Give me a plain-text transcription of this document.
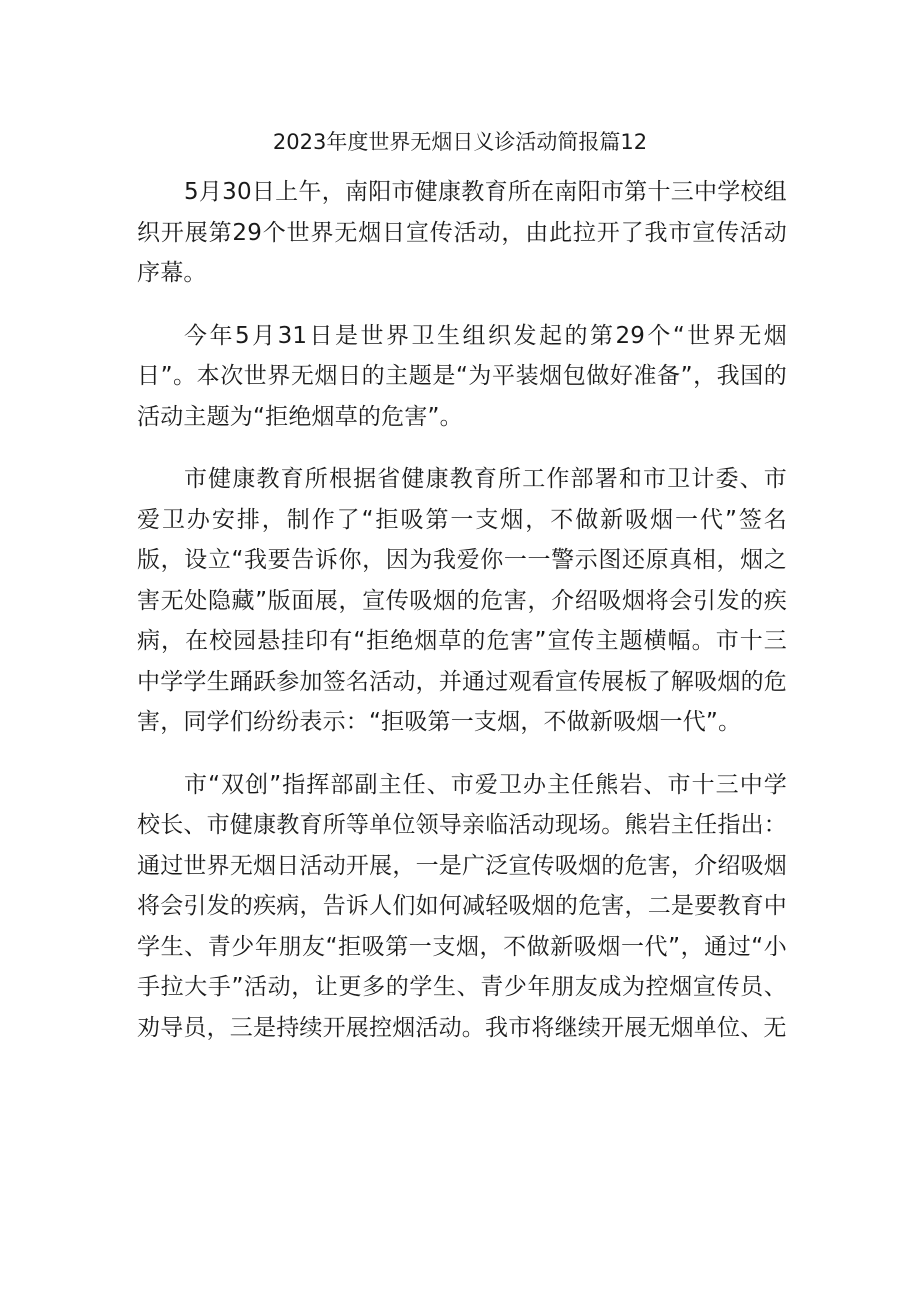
2023年度世界无烟日义诊活动简报篇12

5月30日上午，南阳市健康教育所在南阳市第十三中学校组织开展第29个世界无烟日宣传活动，由此拉开了我市宣传活动序幕。

今年5月31日是世界卫生组织发起的第29个“世界无烟日”。本次世界无烟日的主题是“为平装烟包做好准备”，我国的活动主题为“拒绝烟草的危害”。

市健康教育所根据省健康教育所工作部署和市卫计委、市爱卫办安排，制作了“拒吸第一支烟，不做新吸烟一代”签名版，设立“我要告诉你，因为我爱你一一警示图还原真相，烟之害无处隐藏”版面展，宣传吸烟的危害，介绍吸烟将会引发的疾病，在校园悬挂印有“拒绝烟草的危害”宣传主题横幅。市十三中学学生踊跃参加签名活动，并通过观看宣传展板了解吸烟的危害，同学们纷纷表示：“拒吸第一支烟，不做新吸烟一代”。

市“双创”指挥部副主任、市爱卫办主任熊岩、市十三中学校长、市健康教育所等单位领导亲临活动现场。熊岩主任指出：通过世界无烟日活动开展，一是广泛宣传吸烟的危害，介绍吸烟将会引发的疾病，告诉人们如何减轻吸烟的危害，二是要教育中学生、青少年朋友“拒吸第一支烟，不做新吸烟一代”，通过“小手拉大手”活动，让更多的学生、青少年朋友成为控烟宣传员、劝导员，三是持续开展控烟活动。我市将继续开展无烟单位、无
